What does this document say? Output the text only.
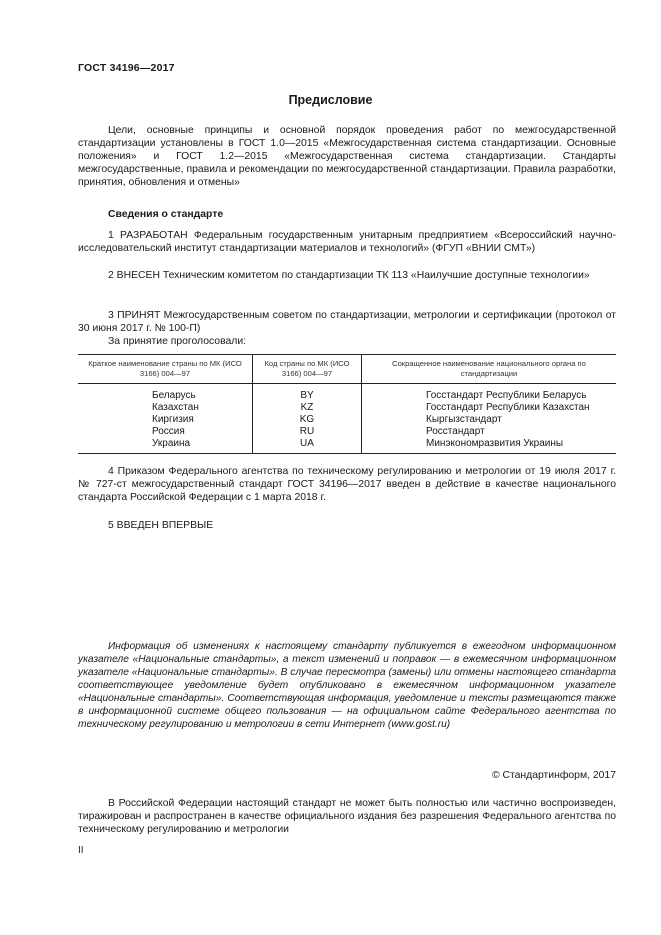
ГОСТ 34196—2017
Предисловие

Цели, основные принципы и основной порядок проведения работ по межгосударственной стандартизации установлены в ГОСТ 1.0—2015 «Межгосударственная система стандартизации. Основные положения» и ГОСТ 1.2—2015 «Межгосударственная система стандартизации. Стандарты межгосударственные, правила и рекомендации по межгосударственной стандартизации. Правила разработки, принятия, обновления и отмены»

Сведения о стандарте

1 РАЗРАБОТАН Федеральным государственным унитарным предприятием «Всероссийский научно-исследовательский институт стандартизации материалов и технологий» (ФГУП «ВНИИ СМТ»)

2 ВНЕСЕН Техническим комитетом по стандартизации ТК 113 «Наилучшие доступные технологии»

3 ПРИНЯТ Межгосударственным советом по стандартизации, метрологии и сертификации (протокол от 30 июня 2017 г. № 100-П)

За принятие проголосовали:
Краткое наименование страны по МК (ИСО 3166) 004—97	Код страны по МК (ИСО 3166) 004—97	Сокращенное наименование национального органа по стандартизации
Беларусь	BY	Госстандарт Республики Беларусь
Казахстан	KZ	Госстандарт Республики Казахстан
Киргизия	KG	Кыргызстандарт
Россия	RU	Росстандарт
Украина	UA	Минэкономразвития Украины

4 Приказом Федерального агентства по техническому регулированию и метрологии от 19 июля 2017 г. № 727-ст межгосударственный стандарт ГОСТ 34196—2017 введен в действие в качестве национального стандарта Российской Федерации с 1 марта 2018 г.

5 ВВЕДЕН ВПЕРВЫЕ

Информация об изменениях к настоящему стандарту публикуется в ежегодном информационном указателе «Национальные стандарты», а текст изменений и поправок — в ежемесячном информационном указателе «Национальные стандарты». В случае пересмотра (замены) или отмены настоящего стандарта соответствующее уведомление будет опубликовано в ежемесячном информационном указателе «Национальные стандарты». Соответствующая информация, уведомление и тексты размещаются также в информационной системе общего пользования — на официальном сайте Федерального агентства по техническому регулированию и метрологии в сети Интернет (www.gost.ru)

© Стандартинформ, 2017

В Российской Федерации настоящий стандарт не может быть полностью или частично воспроизведен, тиражирован и распространен в качестве официального издания без разрешения Федерального агентства по техническому регулированию и метрологии

II
